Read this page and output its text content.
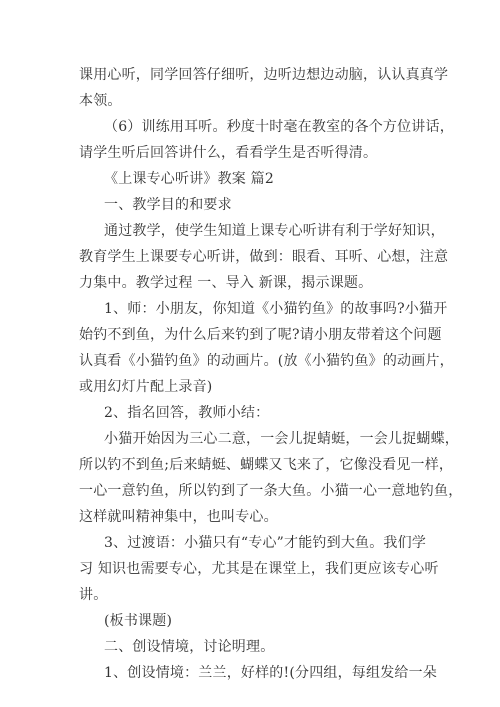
课用心听，同学回答仔细听，边听边想边动脑，认认真真学
本领。
（6）训练用耳听。秒度十时毫在教室的各个方位讲话，
请学生听后回答讲什么，看看学生是否听得清。
《上课专心听讲》教案 篇2
一、教学目的和要求
通过教学，使学生知道上课专心听讲有利于学好知识，
教育学生上课要专心听讲，做到：眼看、耳听、心想，注意
力集中。教学过程 一、导入 新课，揭示课题。
1、师：小朋友，你知道《小猫钓鱼》的故事吗?小猫开
始钓不到鱼，为什么后来钓到了呢?请小朋友带着这个问题
认真看《小猫钓鱼》的动画片。(放《小猫钓鱼》的动画片，
或用幻灯片配上录音)
2、指名回答，教师小结：
小猫开始因为三心二意，一会儿捉蜻蜓，一会儿捉蝴蝶，
所以钓不到鱼;后来蜻蜓、蝴蝶又飞来了，它像没看见一样，
一心一意钓鱼，所以钓到了一条大鱼。小猫一心一意地钓鱼，
这样就叫精神集中，也叫专心。
3、过渡语：小猫只有“专心”才能钓到大鱼。我们学
习 知识也需要专心，尤其是在课堂上，我们更应该专心听
讲。
(板书课题)
二、创设情境，讨论明理。
1、创设情境：兰兰，好样的!(分四组，每组发给一朵
